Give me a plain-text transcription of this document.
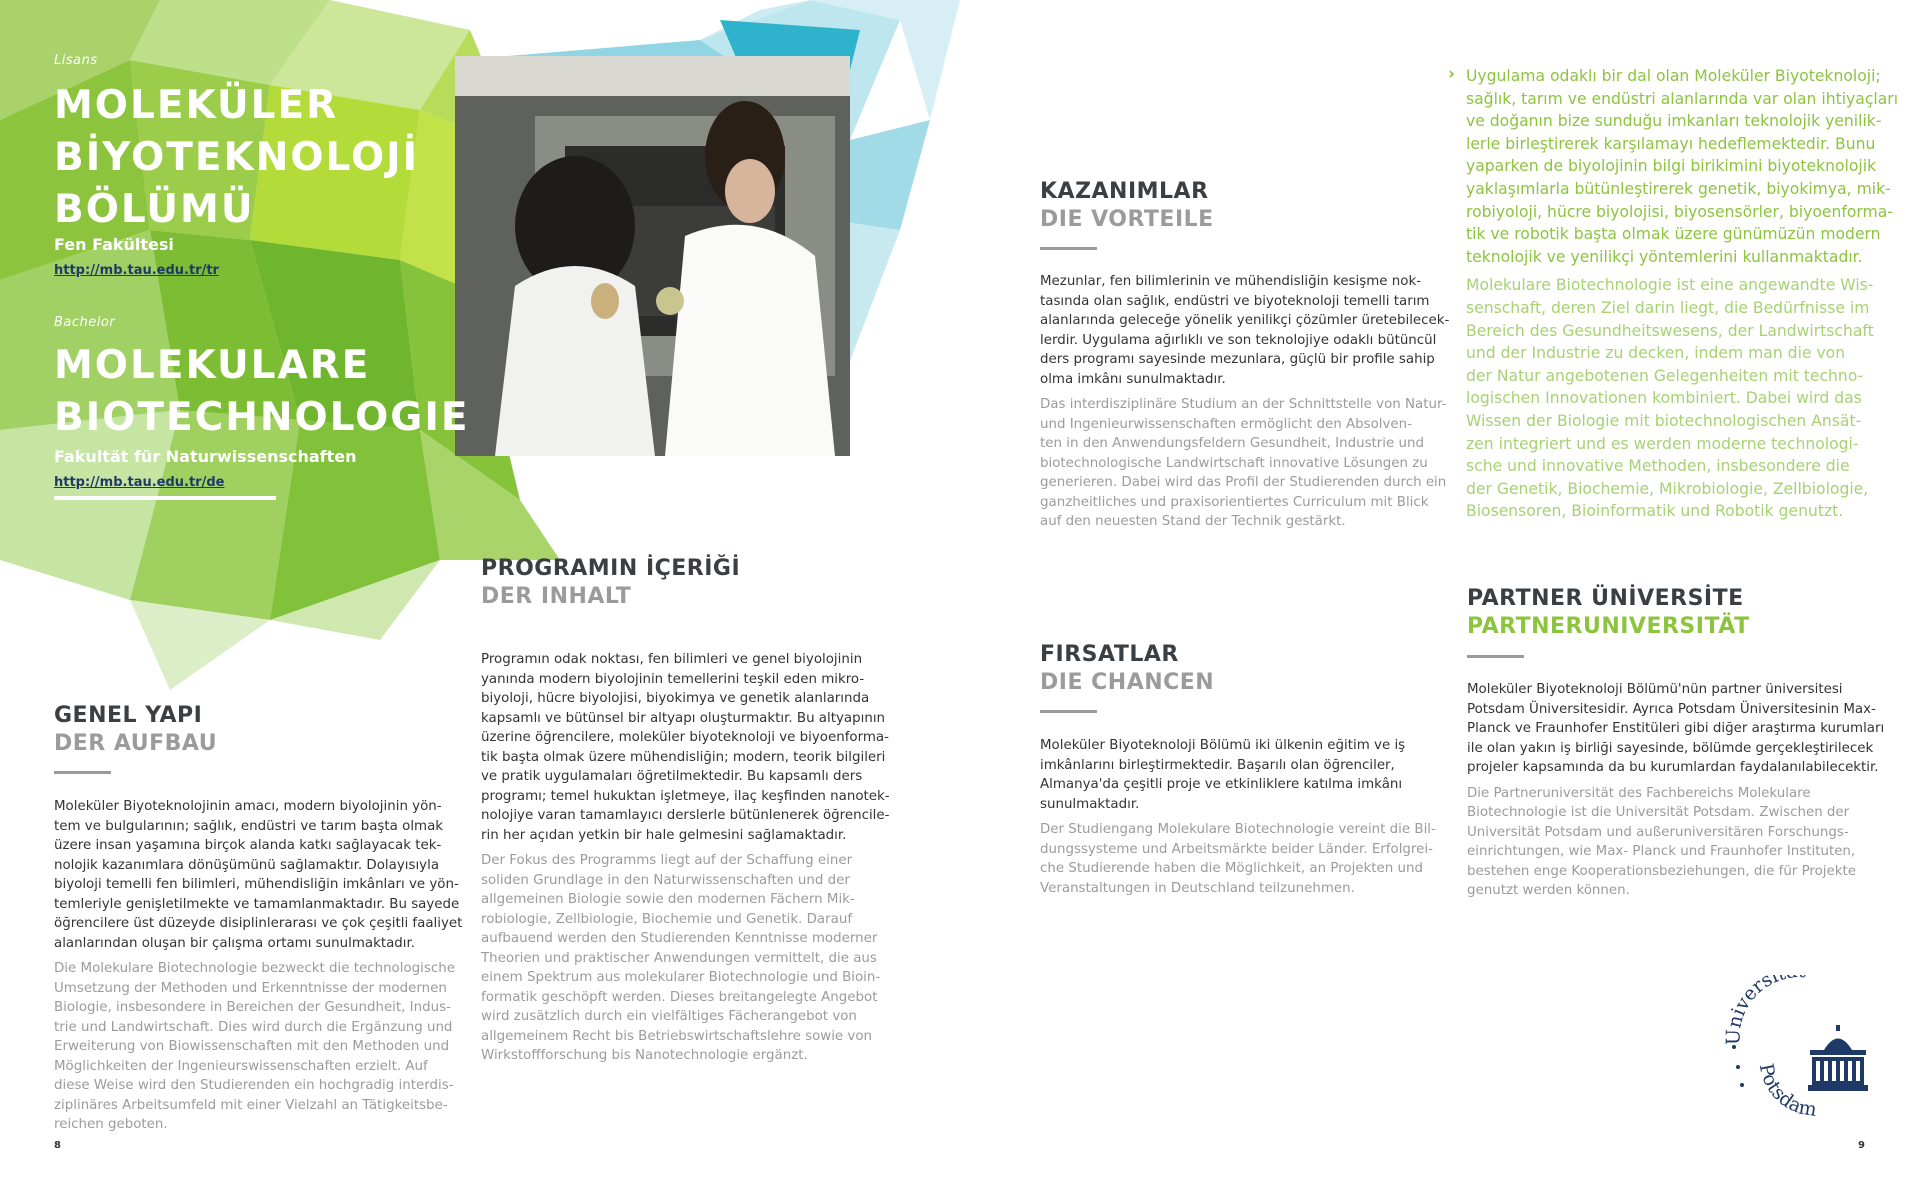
Lisans
MOLEKÜLER
BİYOTEKNOLOJİ
BÖLÜMÜ
Fen Fakültesi
http://mb.tau.edu.tr/tr
Bachelor
MOLEKULARE
BIOTECHNOLOGIE
Fakultät für Naturwissenschaften
http://mb.tau.edu.tr/de
GENEL YAPI
DER AUFBAU

Moleküler Biyoteknolojinin amacı, modern biyolojinin yön-
tem ve bulgularının; sağlık, endüstri ve tarım başta olmak
üzere insan yaşamına birçok alanda katkı sağlayacak tek-
nolojik kazanımlara dönüşümünü sağlamaktır. Dolayısıyla
biyoloji temelli fen bilimleri, mühendisliğin imkânları ve yön-
temleriyle genişletilmekte ve tamamlanmaktadır. Bu sayede
öğrencilere üst düzeyde disiplinlerarası ve çok çeşitli faaliyet
alanlarından oluşan bir çalışma ortamı sunulmaktadır.

Die Molekulare Biotechnologie bezweckt die technologische
Umsetzung der Methoden und Erkenntnisse der modernen
Biologie, insbesondere in Bereichen der Gesundheit, Indus-
trie und Landwirtschaft. Dies wird durch die Ergänzung und
Erweiterung von Biowissenschaften mit den Methoden und
Möglichkeiten der Ingenieurswissenschaften erzielt. Auf
diese Weise wird den Studierenden ein hochgradig interdis-
ziplinäres Arbeitsumfeld mit einer Vielzahl an Tätigkeitsbe-
reichen geboten.

PROGRAMIN İÇERİĞİ
DER INHALT

Programın odak noktası, fen bilimleri ve genel biyolojinin
yanında modern biyolojinin temellerini teşkil eden mikro-
biyoloji, hücre biyolojisi, biyokimya ve genetik alanlarında
kapsamlı ve bütünsel bir altyapı oluşturmaktır. Bu altyapının
üzerine öğrencilere, moleküler biyoteknoloji ve biyoenforma-
tik başta olmak üzere mühendisliğin; modern, teorik bilgileri
ve pratik uygulamaları öğretilmektedir. Bu kapsamlı ders
programı; temel hukuktan işletmeye, ilaç keşfinden nanotek-
nolojiye varan tamamlayıcı derslerle bütünlenerek öğrencile-
rin her açıdan yetkin bir hale gelmesini sağlamaktadır.

Der Fokus des Programms liegt auf der Schaffung einer
soliden Grundlage in den Naturwissenschaften und der
allgemeinen Biologie sowie den modernen Fächern Mik-
robiologie, Zellbiologie, Biochemie und Genetik. Darauf
aufbauend werden den Studierenden Kenntnisse moderner
Theorien und praktischer Anwendungen vermittelt, die aus
einem Spektrum aus molekularer Biotechnologie und Bioin-
formatik geschöpft werden. Dieses breitangelegte Angebot
wird zusätzlich durch ein vielfältiges Fächerangebot von
allgemeinem Recht bis Betriebswirtschaftslehre sowie von
Wirkstoffforschung bis Nanotechnologie ergänzt.

KAZANIMLAR
DIE VORTEILE

Mezunlar, fen bilimlerinin ve mühendisliğin kesişme nok-
tasında olan sağlık, endüstri ve biyoteknoloji temelli tarım
alanlarında geleceğe yönelik yenilikçi çözümler üretebilecek-
lerdir. Uygulama ağırlıklı ve son teknolojiye odaklı bütüncül
ders programı sayesinde mezunlara, güçlü bir profile sahip
olma imkânı sunulmaktadır.

Das interdisziplinäre Studium an der Schnittstelle von Natur-
und Ingenieurwissenschaften ermöglicht den Absolven-
ten in den Anwendungsfeldern Gesundheit, Industrie und
biotechnologische Landwirtschaft innovative Lösungen zu
generieren. Dabei wird das Profil der Studierenden durch ein
ganzheitliches und praxisorientiertes Curriculum mit Blick
auf den neuesten Stand der Technik gestärkt.

FIRSATLAR
DIE CHANCEN

Moleküler Biyoteknoloji Bölümü iki ülkenin eğitim ve iş
imkânlarını birleştirmektedir. Başarılı olan öğrenciler,
Almanya'da çeşitli proje ve etkinliklere katılma imkânı
sunulmaktadır.

Der Studiengang Molekulare Biotechnologie vereint die Bil-
dungssysteme und Arbeitsmärkte beider Länder. Erfolgrei-
che Studierende haben die Möglichkeit, an Projekten und
Veranstaltungen in Deutschland teilzunehmen.

› Uygulama odaklı bir dal olan Moleküler Biyoteknoloji;
sağlık, tarım ve endüstri alanlarında var olan ihtiyaçları
ve doğanın bize sunduğu imkanları teknolojik yenilik-
lerle birleştirerek karşılamayı hedeflemektedir. Bunu
yaparken de biyolojinin bilgi birikimini biyoteknolojik
yaklaşımlarla bütünleştirerek genetik, biyokimya, mik-
robiyoloji, hücre biyolojisi, biyosensörler, biyoenforma-
tik ve robotik başta olmak üzere günümüzün modern
teknolojik ve yenilikçi yöntemlerini kullanmaktadır.

Molekulare Biotechnologie ist eine angewandte Wis-
senschaft, deren Ziel darin liegt, die Bedürfnisse im
Bereich des Gesundheitswesens, der Landwirtschaft
und der Industrie zu decken, indem man die von
der Natur angebotenen Gelegenheiten mit techno-
logischen Innovationen kombiniert. Dabei wird das
Wissen der Biologie mit biotechnologischen Ansät-
zen integriert und es werden moderne technologi-
sche und innovative Methoden, insbesondere die
der Genetik, Biochemie, Mikrobiologie, Zellbiologie,
Biosensoren, Bioinformatik und Robotik genutzt.

PARTNER ÜNİVERSİTE
PARTNERUNIVERSITÄT

Moleküler Biyoteknoloji Bölümü'nün partner üniversitesi
Potsdam Üniversitesidir. Ayrıca Potsdam Üniversitesinin Max-
Planck ve Fraunhofer Enstitüleri gibi diğer araştırma kurumları
ile olan yakın iş birliği sayesinde, bölümde gerçekleştirilecek
projeler kapsamında da bu kurumlardan faydalanılabilecektir.

Die Partneruniversität des Fachbereichs Molekulare
Biotechnologie ist die Universität Potsdam. Zwischen der
Universität Potsdam und außeruniversitären Forschungs-
einrichtungen, wie Max- Planck und Fraunhofer Instituten,
bestehen enge Kooperationsbeziehungen, die für Projekte
genutzt werden können.

Universi
Potsdam
8	9
